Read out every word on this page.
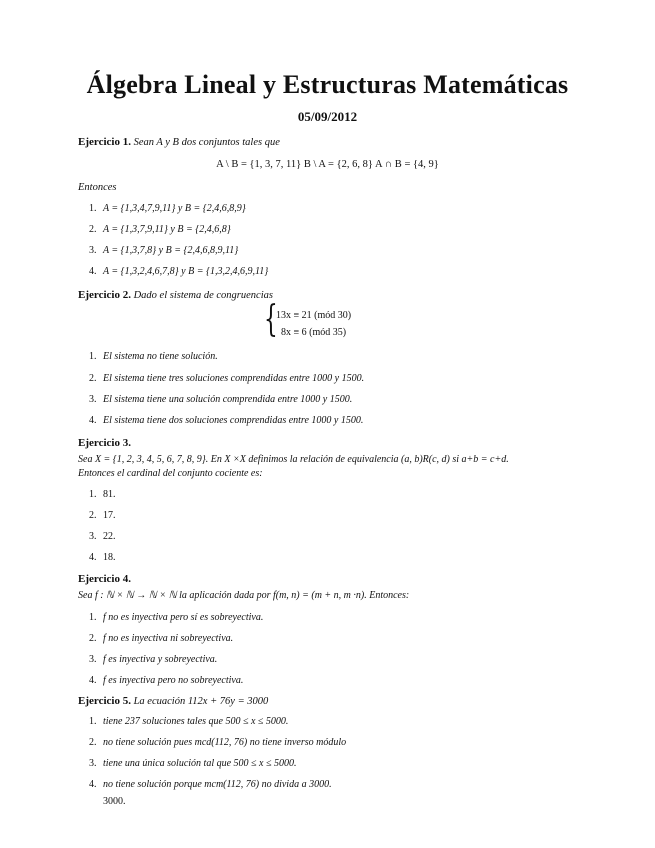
Álgebra Lineal y Estructuras Matemáticas
05/09/2012
Ejercicio 1. Sean A y B dos conjuntos tales que
A \ B = {1, 3, 7, 11} B \ A = {2, 6, 8} A ∩ B = {4, 9}
Entonces
1. A = {1,3,4,7,9,11} y B = {2,4,6,8,9}
2. A = {1,3,7,9,11} y B = {2,4,6,8}
3. A = {1,3,7,8} y B = {2,4,6,8,9,11}
4. A = {1,3,2,4,6,7,8} y B = {1,3,2,4,6,9,11}
Ejercicio 2. Dado el sistema de congruencias
{
13x ≡ 21 (mód 30)
8x ≡ 6 (mód 35)
1. El sistema no tiene solución.
2. El sistema tiene tres soluciones comprendidas entre 1000 y 1500.
3. El sistema tiene una solución comprendida entre 1000 y 1500.
4. El sistema tiene dos soluciones comprendidas entre 1000 y 1500.
Ejercicio 3.
Sea X = {1, 2, 3, 4, 5, 6, 7, 8, 9}. En X ×X definimos la relación de equivalencia (a, b)R(c, d) si a+b = c+d.
Entonces el cardinal del conjunto cociente es:
1. 81.
2. 17.
3. 22.
4. 18.
Ejercicio 4.
Sea f : ℕ × ℕ → ℕ × ℕ la aplicación dada por f(m, n) = (m + n, m ·n). Entonces:
1. f no es inyectiva pero sí es sobreyectiva.
2. f no es inyectiva ni sobreyectiva.
3. f es inyectiva y sobreyectiva.
4. f es inyectiva pero no sobreyectiva.
Ejercicio 5. La ecuación 112x + 76y = 3000
1. tiene 237 soluciones tales que 500 ≤ x ≤ 5000.
2. no tiene solución pues mcd(112, 76) no tiene inverso módulo
3. tiene una única solución tal que 500 ≤ x ≤ 5000.
4. no tiene solución porque mcm(112, 76) no divida a 3000.
3000.
